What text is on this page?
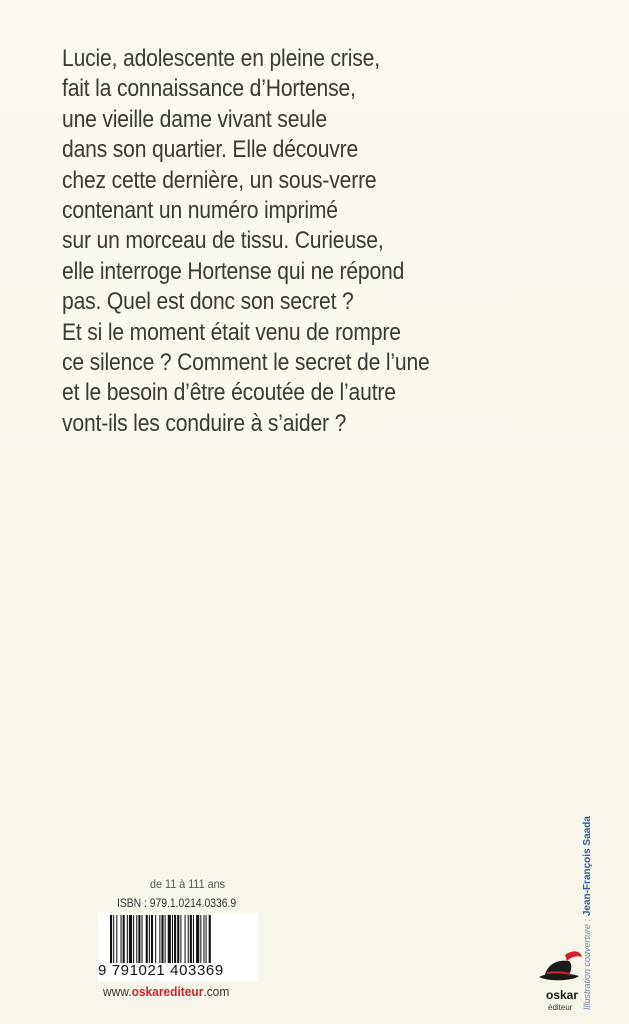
Lucie, adolescente en pleine crise,
fait la connaissance d’Hortense,
une vieille dame vivant seule
dans son quartier. Elle découvre
chez cette dernière, un sous-verre
contenant un numéro imprimé
sur un morceau de tissu. Curieuse,
elle interroge Hortense qui ne répond
pas. Quel est donc son secret ?
Et si le moment était venu de rompre
ce silence ? Comment le secret de l’une
et le besoin d’être écoutée de l’autre
vont-ils les conduire à s’aider ?
de 11 à 111 ans
ISBN : 979.1.0214.0336.9
9 791021 403369
www.oskarediteur.com	Illustration couverture : Jean-François Saada
oskar
éditeur
